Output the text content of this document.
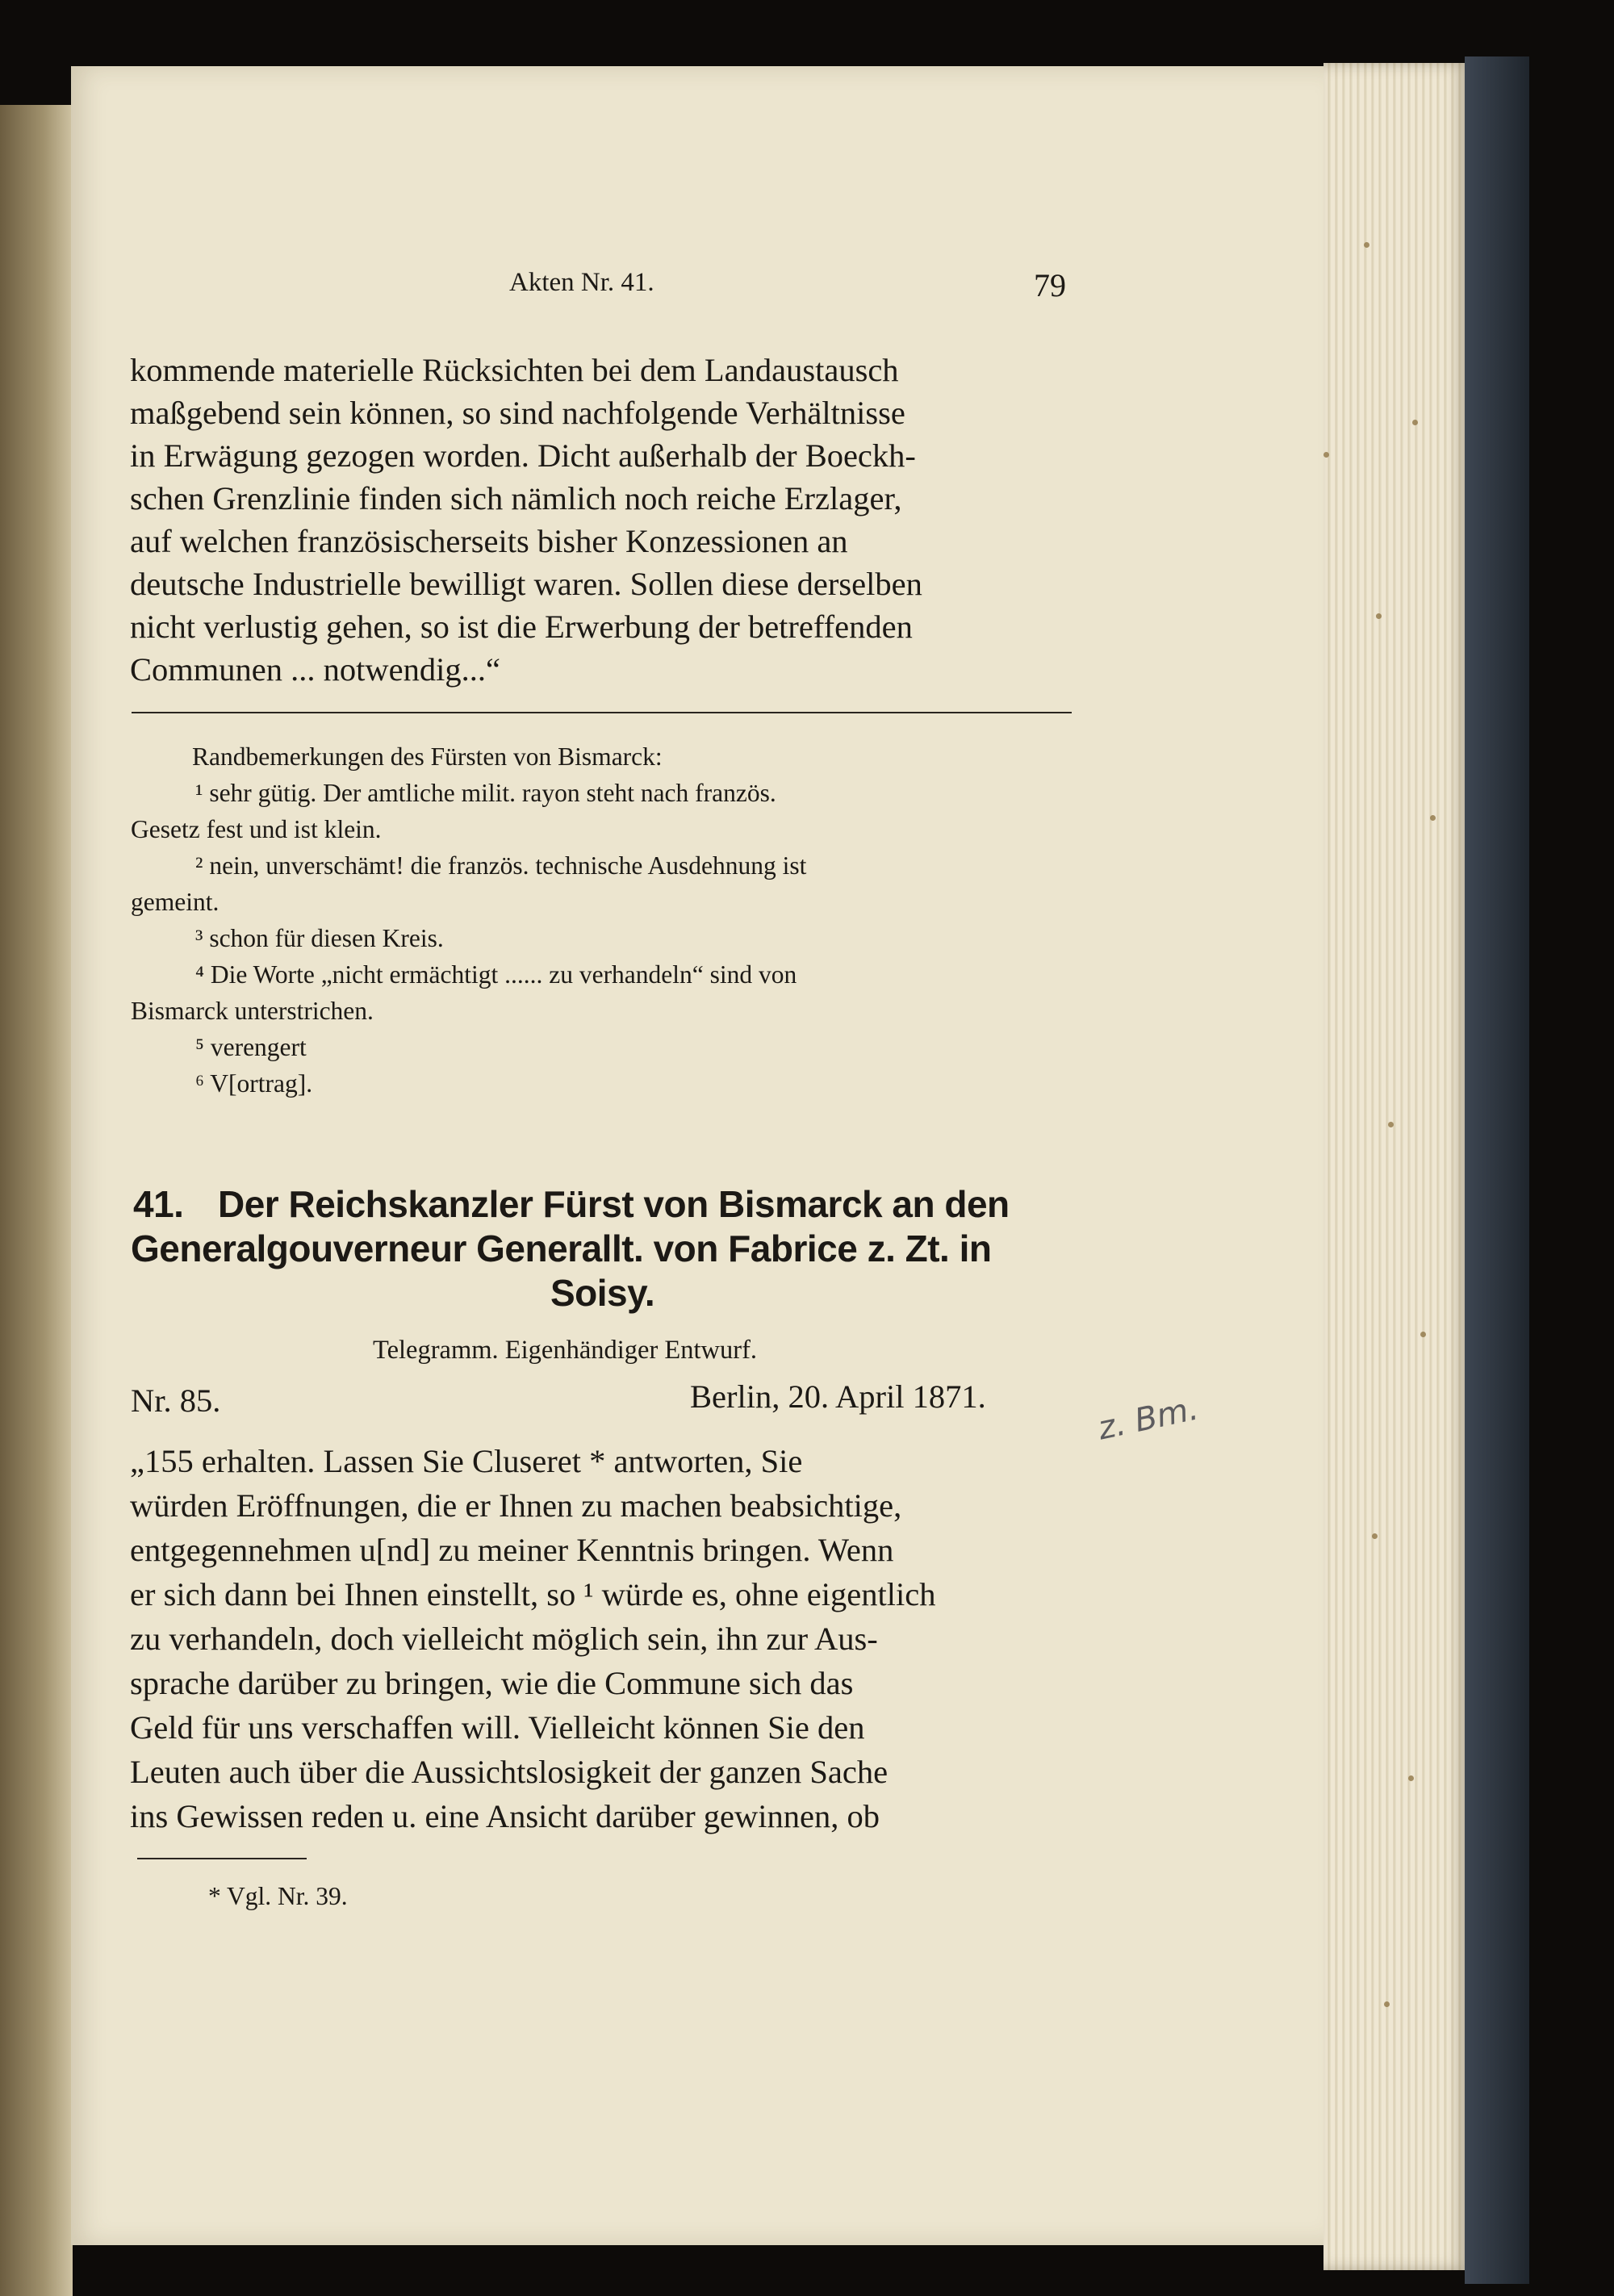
Akten Nr. 41.	79
kommende materielle Rücksichten bei dem Landaustausch
maßgebend sein können, so sind nachfolgende Verhältnisse
in Erwägung gezogen worden. Dicht außerhalb der Boeckh-
schen Grenzlinie finden sich nämlich noch reiche Erzlager,
auf welchen französischerseits bisher Konzessionen an
deutsche Industrielle bewilligt waren. Sollen diese derselben
nicht verlustig gehen, so ist die Erwerbung der betreffenden
Communen ... notwendig...“
Randbemerkungen des Fürsten von Bismarck:
¹ sehr gütig. Der amtliche milit. rayon steht nach französ.
Gesetz fest und ist klein.
² nein, unverschämt! die französ. technische Ausdehnung ist
gemeint.
³ schon für diesen Kreis.
⁴ Die Worte „nicht ermächtigt ...... zu verhandeln“ sind von
Bismarck unterstrichen.
⁵ verengert
⁶ V[ortrag].
41. Der Reichskanzler Fürst von Bismarck an den
Generalgouverneur Generallt. von Fabrice z. Zt. in
Soisy.
Telegramm. Eigenhändiger Entwurf.
Nr. 85.	Berlin, 20. April 1871.	z. Bm.
„155 erhalten. Lassen Sie Cluseret * antworten, Sie
würden Eröffnungen, die er Ihnen zu machen beabsichtige,
entgegennehmen u[nd] zu meiner Kenntnis bringen. Wenn
er sich dann bei Ihnen einstellt, so ¹ würde es, ohne eigentlich
zu verhandeln, doch vielleicht möglich sein, ihn zur Aus-
sprache darüber zu bringen, wie die Commune sich das
Geld für uns verschaffen will. Vielleicht können Sie den
Leuten auch über die Aussichtslosigkeit der ganzen Sache
ins Gewissen reden u. eine Ansicht darüber gewinnen, ob
* Vgl. Nr. 39.
